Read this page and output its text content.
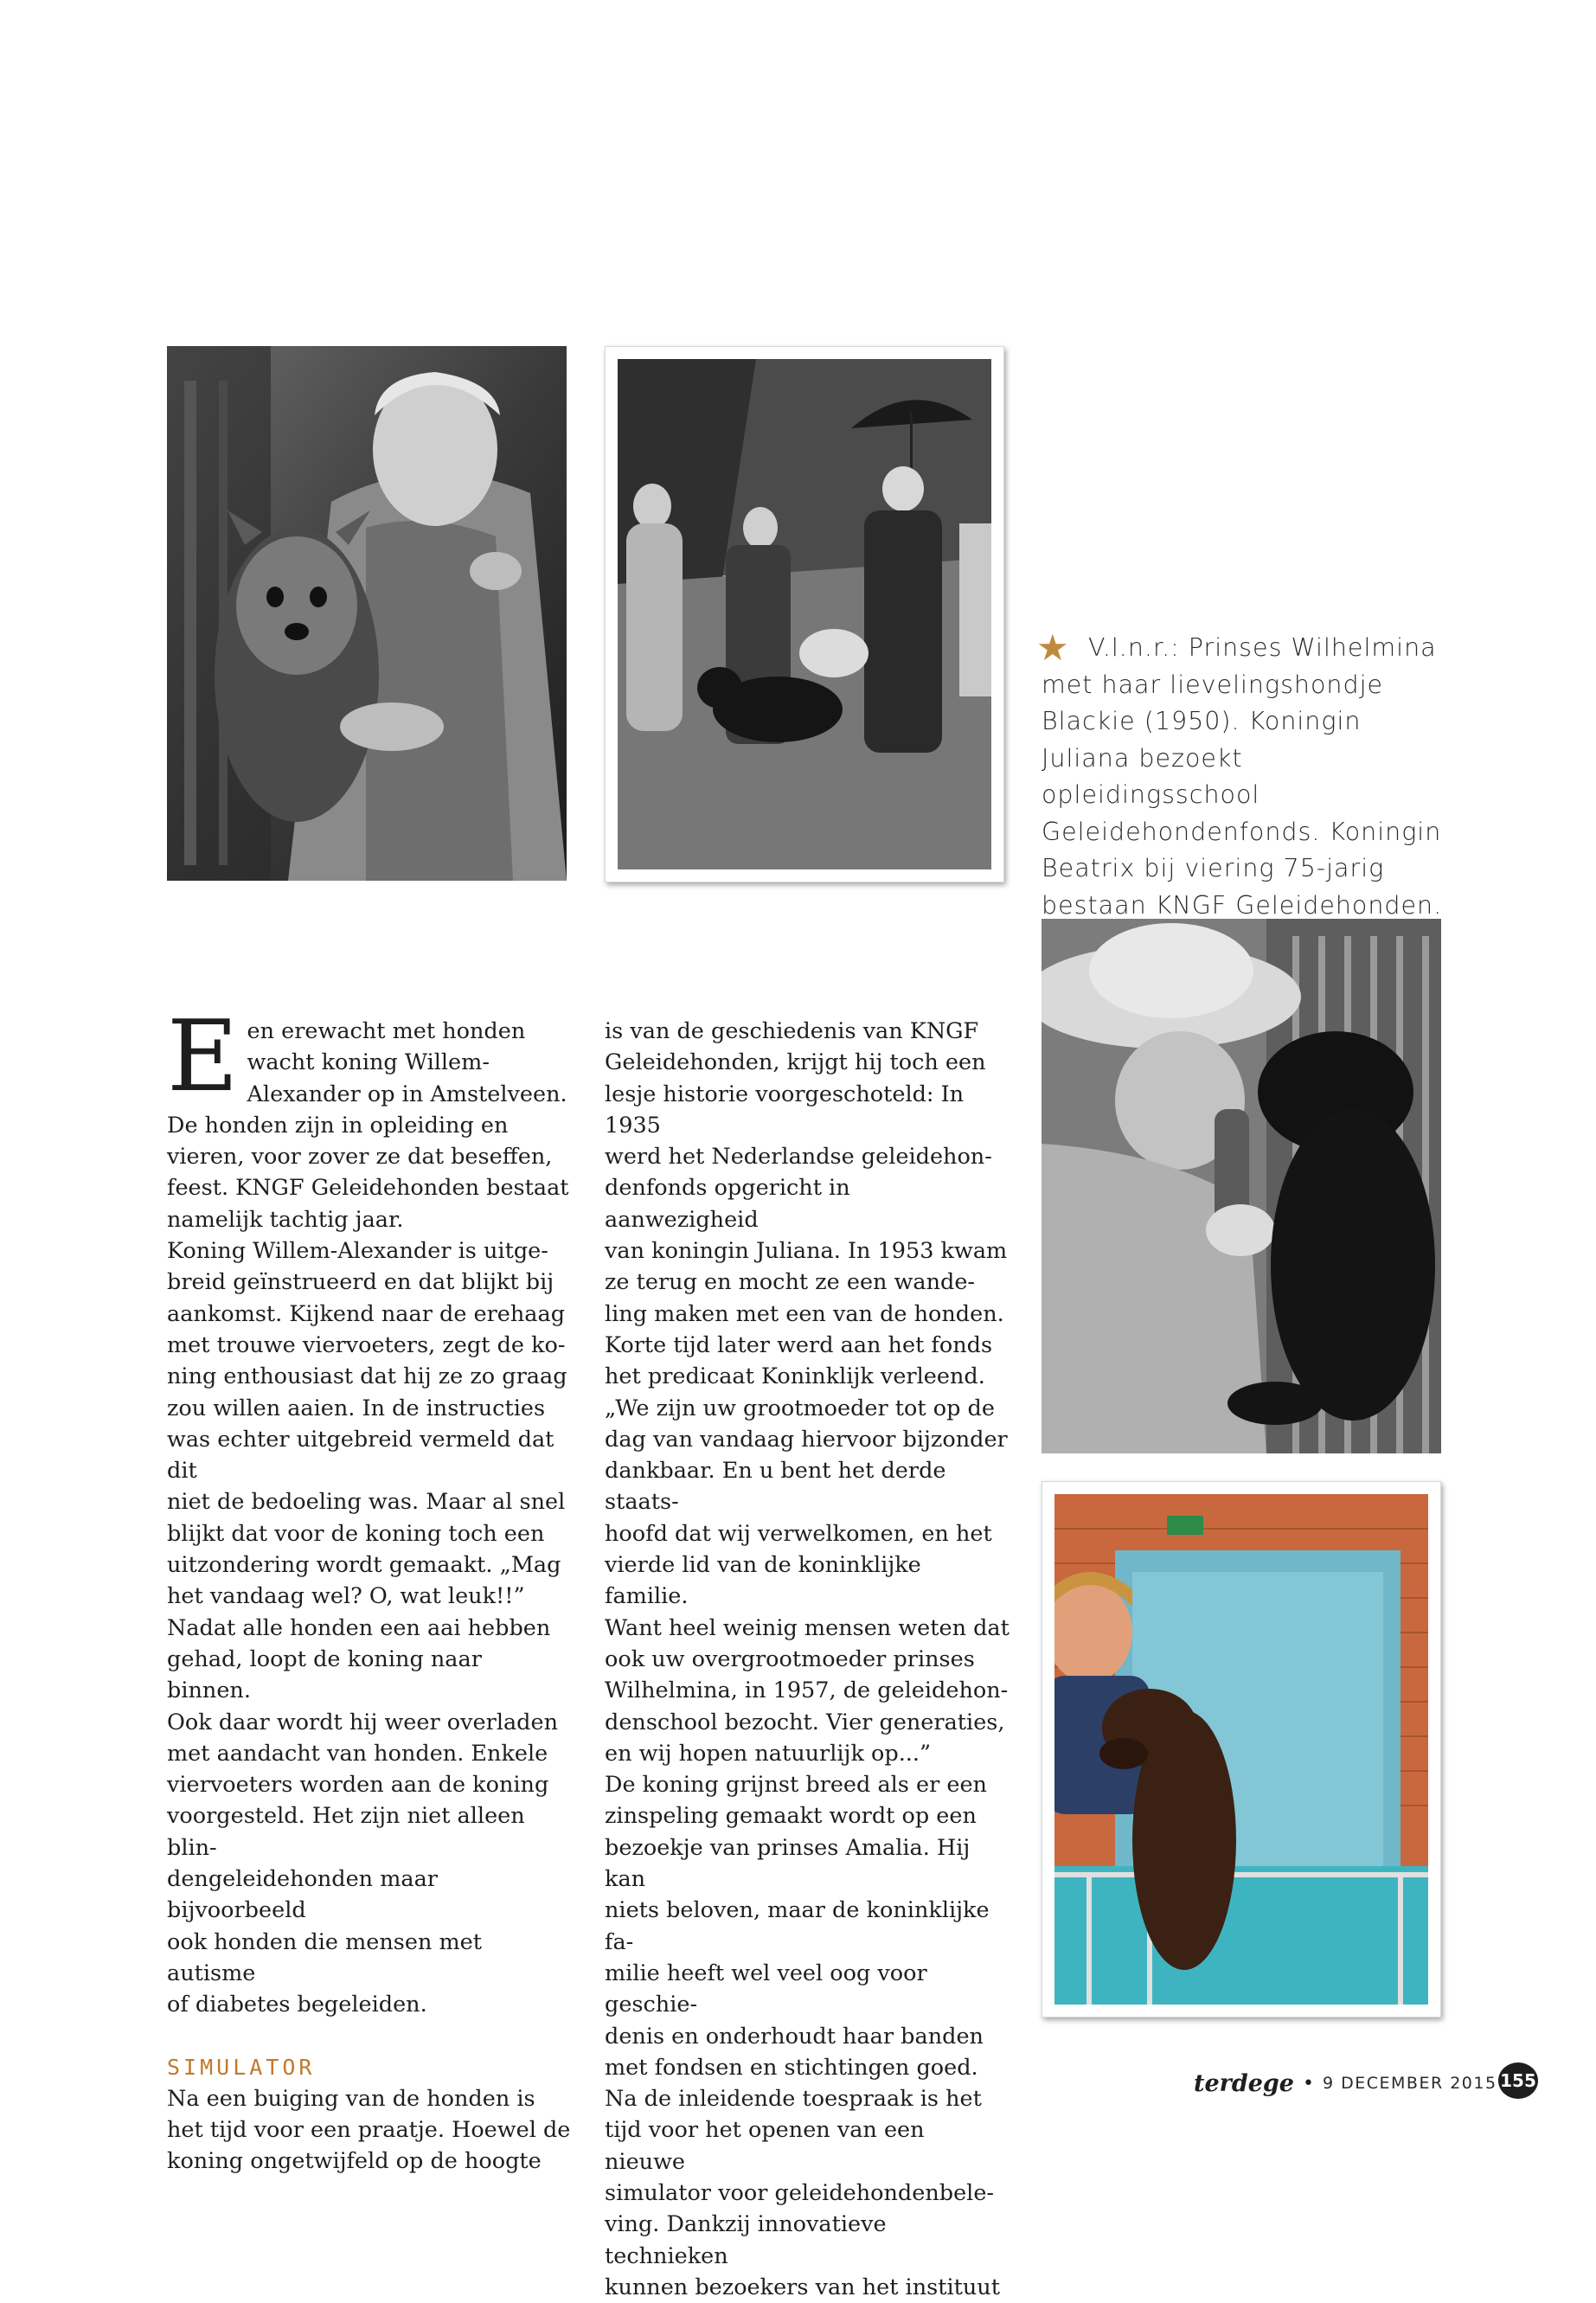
★ V.l.n.r.: Prinses Wilhelmina met haar lievelingshondje Blackie (1950). Koningin Juliana bezoekt opleidingsschool Geleidehondenfonds. Koningin Beatrix bij viering 75-jarig bestaan KNGF Geleidehonden.

Een erewacht met honden wacht koning Willem-Alexander op in Amstelveen. De honden zijn in opleiding en vieren, voor zover ze dat beseffen, feest. KNGF Geleidehonden bestaat namelijk tachtig jaar.

Koning Willem-Alexander is uitge-
breid geïnstrueerd en dat blijkt bij
aankomst. Kijkend naar de erehaag
met trouwe viervoeters, zegt de ko-
ning enthousiast dat hij ze zo graag
zou willen aaien. In de instructies
was echter uitgebreid vermeld dat dit
niet de bedoeling was. Maar al snel
blijkt dat voor de koning toch een
uitzondering wordt gemaakt. „Mag
het vandaag wel? O, wat leuk!!”
Nadat alle honden een aai hebben
gehad, loopt de koning naar binnen.
Ook daar wordt hij weer overladen
met aandacht van honden. Enkele
viervoeters worden aan de koning
voorgesteld. Het zijn niet alleen blin-
dengeleidehonden maar bijvoorbeeld
ook honden die mensen met autisme
of diabetes begeleiden.

SIMULATOR

Na een buiging van de honden is
het tijd voor een praatje. Hoewel de
koning ongetwijfeld op de hoogte

is van de geschiedenis van KNGF
Geleidehonden, krijgt hij toch een
lesje historie voorgeschoteld: In 1935
werd het Nederlandse geleidehon-
denfonds opgericht in aanwezigheid
van koningin Juliana. In 1953 kwam
ze terug en mocht ze een wande-
ling maken met een van de honden.
Korte tijd later werd aan het fonds
het predicaat Koninklijk verleend.
„We zijn uw grootmoeder tot op de
dag van vandaag hiervoor bijzonder
dankbaar. En u bent het derde staats-
hoofd dat wij verwelkomen, en het
vierde lid van de koninklijke familie.
Want heel weinig mensen weten dat
ook uw overgrootmoeder prinses
Wilhelmina, in 1957, de geleidehon-
denschool bezocht. Vier generaties,
en wij hopen natuurlijk op...”

De koning grijnst breed als er een
zinspeling gemaakt wordt op een
bezoekje van prinses Amalia. Hij kan
niets beloven, maar de koninklijke fa-
milie heeft wel veel oog voor geschie-
denis en onderhoudt haar banden
met fondsen en stichtingen goed.

Na de inleidende toespraak is het
tijd voor het openen van een nieuwe
simulator voor geleidehondenbele-
ving. Dankzij innovatieve technieken
kunnen bezoekers van het instituut

terdege • 9 DECEMBER 2015 155
